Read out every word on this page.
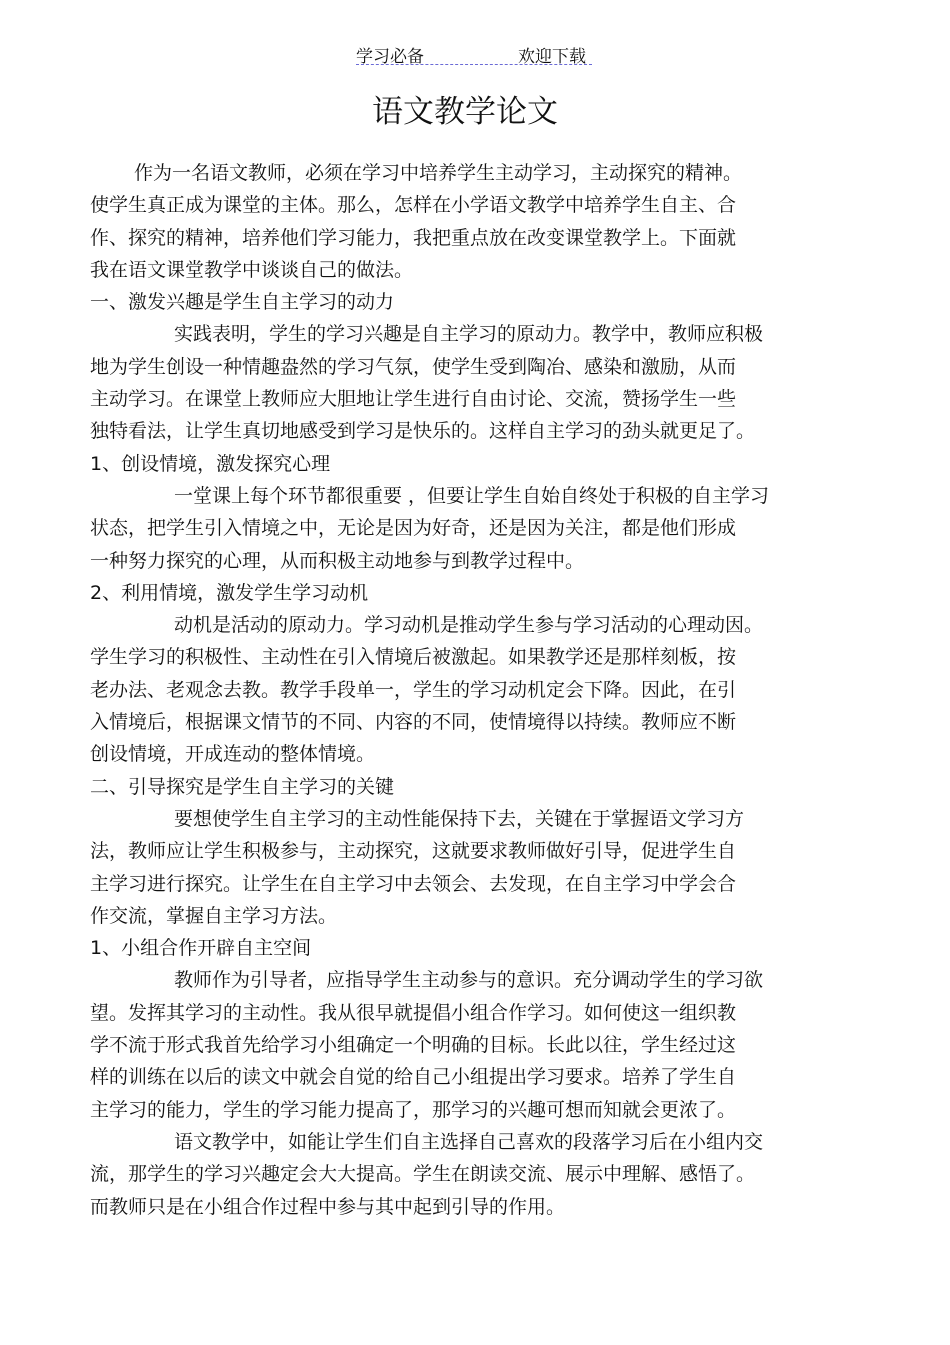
学习必备	欢迎下载
语文教学论文
作为一名语文教师，必须在学习中培养学生主动学习，主动探究的精神。
使学生真正成为课堂的主体。那么，怎样在小学语文教学中培养学生自主、合
作、探究的精神，培养他们学习能力，我把重点放在改变课堂教学上。下面就
我在语文课堂教学中谈谈自己的做法。
一、激发兴趣是学生自主学习的动力
实践表明，学生的学习兴趣是自主学习的原动力。教学中，教师应积极
地为学生创设一种情趣盎然的学习气氛，使学生受到陶冶、感染和激励，从而
主动学习。在课堂上教师应大胆地让学生进行自由讨论、交流，赞扬学生一些
独特看法，让学生真切地感受到学习是快乐的。这样自主学习的劲头就更足了。
1、创设情境，激发探究心理
一堂课上每个环节都很重要 ，但要让学生自始自终处于积极的自主学习
状态，把学生引入情境之中，无论是因为好奇，还是因为关注，都是他们形成
一种努力探究的心理，从而积极主动地参与到教学过程中。
2、利用情境，激发学生学习动机
动机是活动的原动力。学习动机是推动学生参与学习活动的心理动因。
学生学习的积极性、主动性在引入情境后被激起。如果教学还是那样刻板，按
老办法、老观念去教。教学手段单一，学生的学习动机定会下降。因此，在引
入情境后，根据课文情节的不同、内容的不同，使情境得以持续。教师应不断
创设情境，开成连动的整体情境。
二、引导探究是学生自主学习的关键
要想使学生自主学习的主动性能保持下去，关键在于掌握语文学习方
法，教师应让学生积极参与，主动探究，这就要求教师做好引导，促进学生自
主学习进行探究。让学生在自主学习中去领会、去发现，在自主学习中学会合
作交流，掌握自主学习方法。
1、小组合作开辟自主空间
教师作为引导者，应指导学生主动参与的意识。充分调动学生的学习欲
望。发挥其学习的主动性。我从很早就提倡小组合作学习。如何使这一组织教
学不流于形式我首先给学习小组确定一个明确的目标。长此以往，学生经过这
样的训练在以后的读文中就会自觉的给自己小组提出学习要求。培养了学生自
主学习的能力，学生的学习能力提高了，那学习的兴趣可想而知就会更浓了。
语文教学中，如能让学生们自主选择自己喜欢的段落学习后在小组内交
流，那学生的学习兴趣定会大大提高。学生在朗读交流、展示中理解、感悟了。
而教师只是在小组合作过程中参与其中起到引导的作用。
